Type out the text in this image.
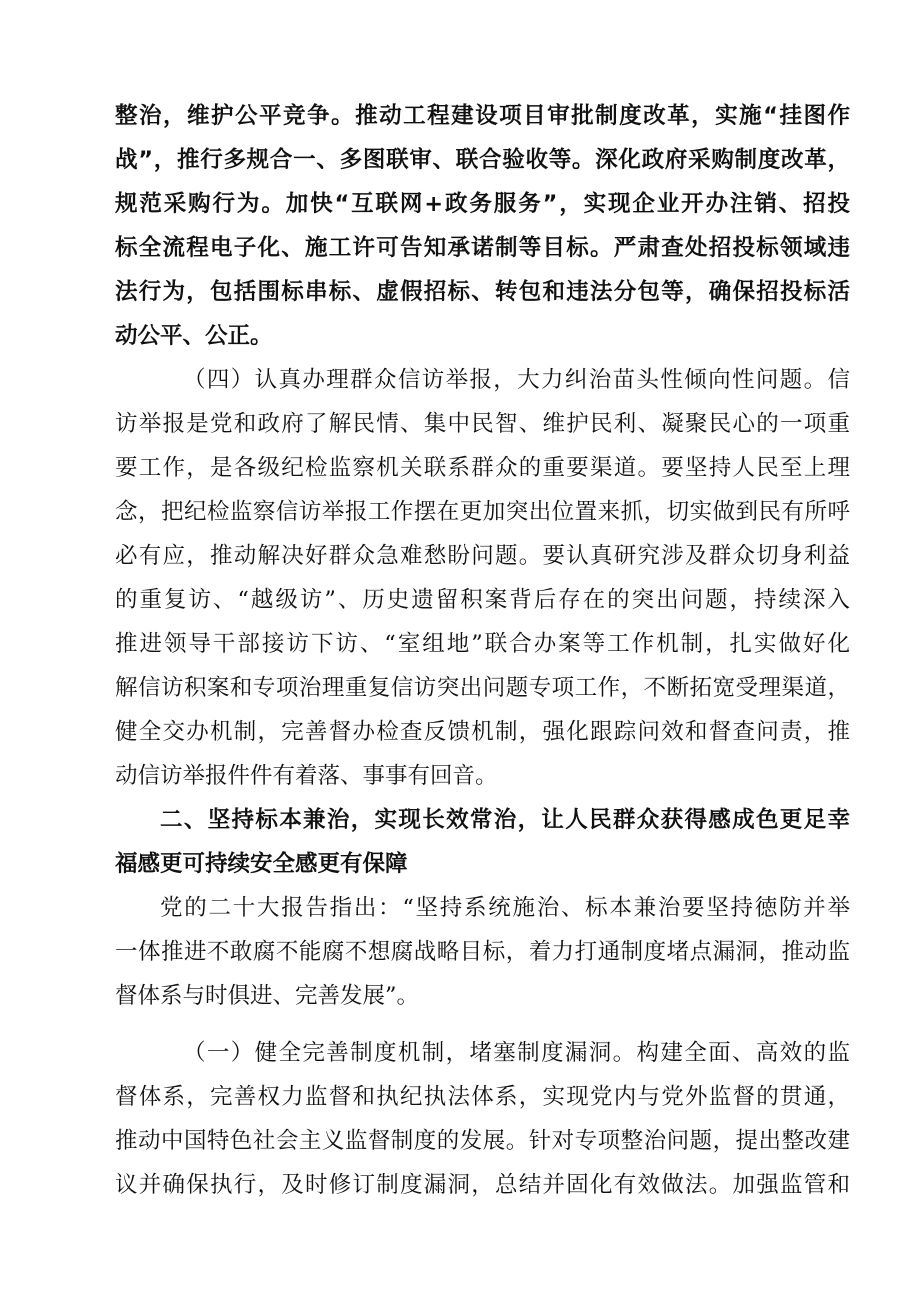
整治，维护公平竞争。推动工程建设项目审批制度改革，实施“挂图作

战”，推行多规合一、多图联审、联合验收等。深化政府采购制度改革，

规范采购行为。加快“互联网+政务服务”，实现企业开办注销、招投

标全流程电子化、施工许可告知承诺制等目标。严肃查处招投标领域违

法行为，包括围标串标、虚假招标、转包和违法分包等，确保招投标活

动公平、公正。

（四）认真办理群众信访举报，大力纠治苗头性倾向性问题。信

访举报是党和政府了解民情、集中民智、维护民利、凝聚民心的一项重

要工作，是各级纪检监察机关联系群众的重要渠道。要坚持人民至上理

念，把纪检监察信访举报工作摆在更加突出位置来抓，切实做到民有所呼

必有应，推动解决好群众急难愁盼问题。要认真研究涉及群众切身利益

的重复访、“越级访”、历史遗留积案背后存在的突出问题，持续深入

推进领导干部接访下访、“室组地”联合办案等工作机制，扎实做好化

解信访积案和专项治理重复信访突出问题专项工作，不断拓宽受理渠道，

健全交办机制，完善督办检查反馈机制，强化跟踪问效和督查问责，推

动信访举报件件有着落、事事有回音。

二、坚持标本兼治，实现长效常治，让人民群众获得感成色更足幸

福感更可持续安全感更有保障

党的二十大报告指出：“坚持系统施治、标本兼治要坚持徳防并举

一体推进不敢腐不能腐不想腐战略目标，着力打通制度堵点漏洞，推动监

督体系与时俱进、完善发展”。

（一）健全完善制度机制，堵塞制度漏洞。构建全面、高效的监

督体系，完善权力监督和执纪执法体系，实现党内与党外监督的贯通，

推动中国特色社会主义监督制度的发展。针对专项整治问题，提出整改建

议并确保执行，及时修订制度漏洞，总结并固化有效做法。加强监管和
